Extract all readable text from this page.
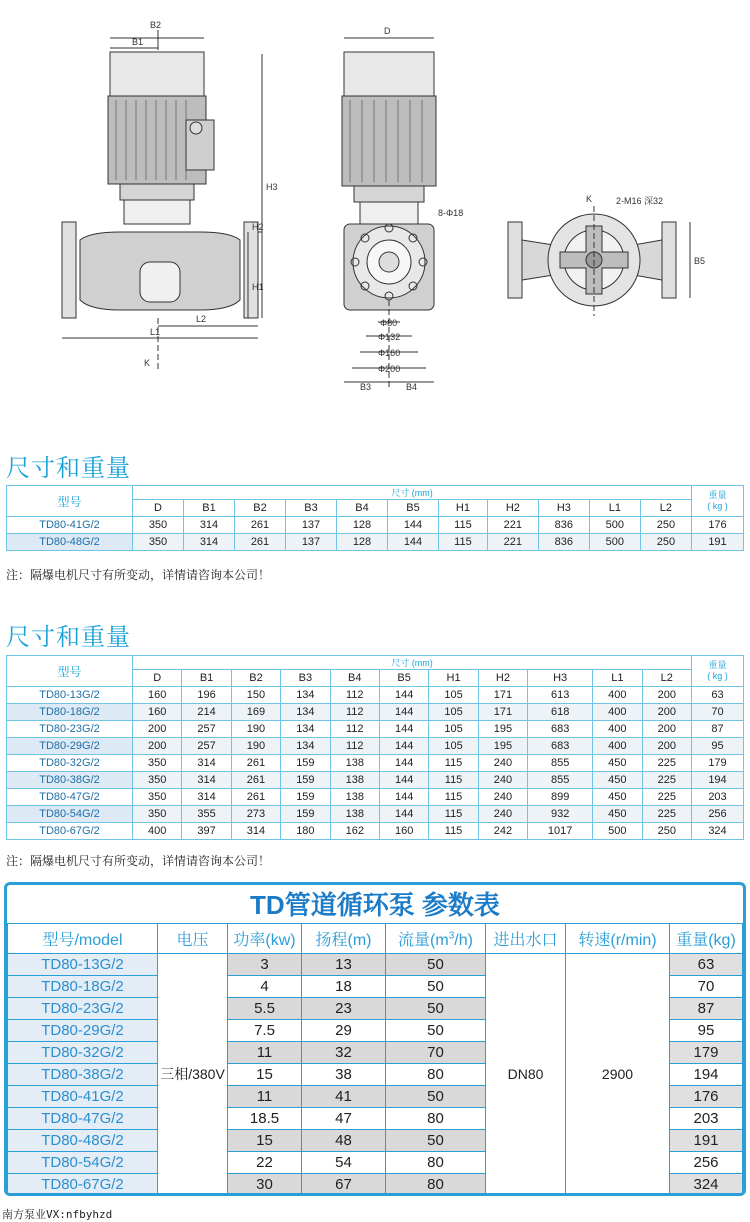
B2
B1
H3
H2
H1
L2
L1
K
D
8-Φ18
Φ80
Φ132
Φ160
Φ200
B3	B4
K	2-M16 深32
B5
尺寸和重量
型号	尺寸 (mm)											重量
( kg )

	D	B1	B2	B3	B4	B5	H1	H2	H3	L1	L2	
TD80-41G/2	350	314	261	137	128	144	115	221	836	500	250	176
TD80-48G/2	350	314	261	137	128	144	115	221	836	500	250	191
注：隔爆电机尺寸有所变动，详情请咨询本公司！
尺寸和重量
型号	尺寸 (mm)											重量
( kg )

	D	B1	B2	B3	B4	B5	H1	H2	H3	L1	L2	
TD80-13G/2	160	196	150	134	112	144	105	171	613	400	200	63
TD80-18G/2	160	214	169	134	112	144	105	171	618	400	200	70
TD80-23G/2	200	257	190	134	112	144	105	195	683	400	200	87
TD80-29G/2	200	257	190	134	112	144	105	195	683	400	200	95
TD80-32G/2	350	314	261	159	138	144	115	240	855	450	225	179
TD80-38G/2	350	314	261	159	138	144	115	240	855	450	225	194
TD80-47G/2	350	314	261	159	138	144	115	240	899	450	225	203
TD80-54G/2	350	355	273	159	138	144	115	240	932	450	225	256
TD80-67G/2	400	397	314	180	162	160	115	242	1017	500	250	324
注：隔爆电机尺寸有所变动，详情请咨询本公司！
TD管道循环泵 参数表							
型号/model	电压	功率(kw)	扬程(m)	流量$(m^3/h)$	进出水口	转速(r/min)	重量(kg)
TD80-13G/2	三相/380V	3	13	50	DN80	2900	63
TD80-18G/2		4	18	50			70
TD80-23G/2		5.5	23	50			87
TD80-29G/2		7.5	29	50			95
TD80-32G/2		11	32	70			179
TD80-38G/2		15	38	80			194
TD80-41G/2		11	41	50			176
TD80-47G/2		18.5	47	80			203
TD80-48G/2		15	48	50			191
TD80-54G/2		22	54	80			256
TD80-67G/2		30	67	80			324
南方泵业VX:nfbyhzd
